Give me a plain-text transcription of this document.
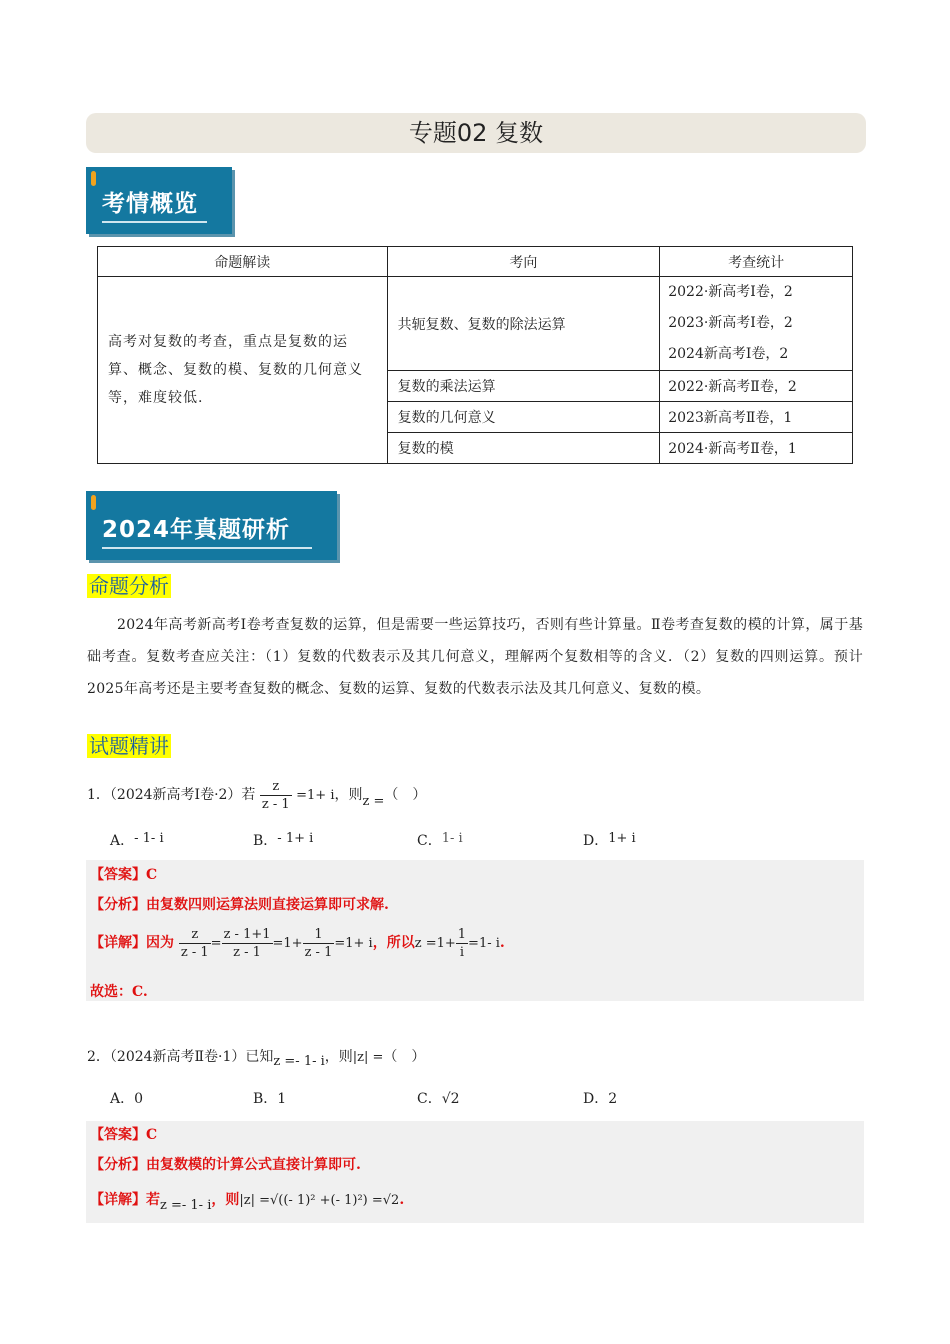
专题02 复数
考情概览
命题解读	考向	考查统计
高考对复数的考查，重点是复数的运算、概念、复数的模、复数的几何意义等，难度较低.	共轭复数、复数的除法运算	2022·新高考Ⅰ卷，2
2023·新高考Ⅰ卷，2
2024新高考Ⅰ卷，2

	复数的乘法运算	2022·新高考Ⅱ卷，2
	复数的几何意义	2023新高考Ⅱ卷，1
	复数的模	2024·新高考Ⅱ卷，1
2024年真题研析
命题分析
2024年高考新高考Ⅰ卷考查复数的运算，但是需要一些运算技巧，否则有些计算量。Ⅱ卷考查复数的模的计算，属于基础考查。复数考查应关注：（1）复数的代数表示及其几何意义，理解两个复数相等的含义．（2）复数的四则运算。预计2025年高考还是主要考查复数的概念、复数的运算、复数的代数表示法及其几何意义、复数的模。
试题精讲
1．（2024新高考Ⅰ卷·2）若 $\frac{z}{z - 1} =1+ i$，则z =（　）
A．- 1- i	B．- 1+ i	C．1- i	D．1+ i
【答案】C
【分析】由复数四则运算法则直接运算即可求解.
【详解】因为 $\frac{z}{z - 1} = \frac{z - 1+1}{z - 1} =1+ \frac{1}{z - 1} =1+ i$，所以$z =1+ \frac{1}{i} =1-$ i.
故选：C.
2．（2024新高考Ⅱ卷·1）已知z =- 1- i，则|z| =（　）
A．0	B．1	C．√2	D．2
【答案】C
【分析】由复数模的计算公式直接计算即可.
【详解】若z =- 1- i，则|z| =√((- 1)² +(- 1)²) =√2.
